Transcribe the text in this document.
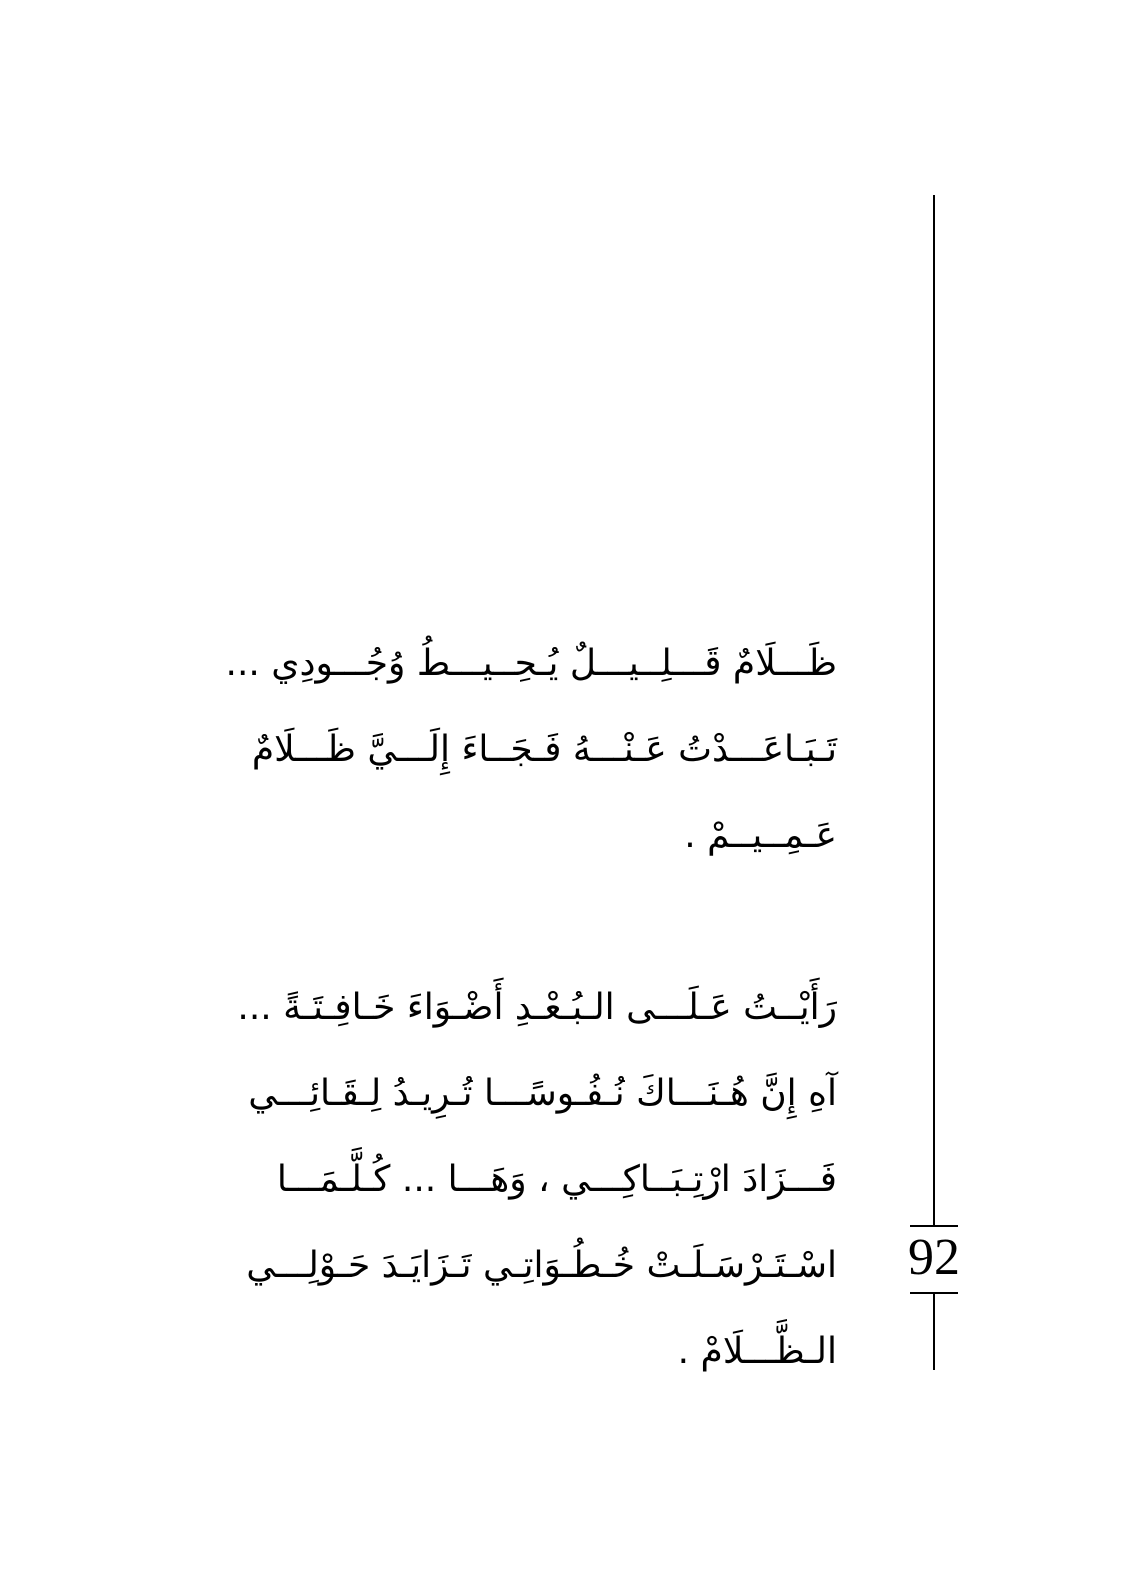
ظَـــلَامٌ قَـــلِــيـــلٌ يُـحِــيـــطُ وُجُـــودِي ...
تَـبَـاعَـــدْتُ عَـنْـــهُ فَـجَــاءَ إِلَـــيَّ ظَـــلَامٌ
عَـمِــيــمْ .
رَأَيْــتُ عَـلَـــى الـبُـعْـدِ أَضْـوَاءَ خَـافِـتَـةً ...
آهِ إِنَّ هُـنَـــاكَ نُـفُـوسًـــا تُـرِيـدُ لِـقَـائِـــي
فَـــزَادَ ارْتِـبَــاكِـــي ، وَهَـــا ... كُـلَّـمَـــا
اسْـتَـرْسَـلَـتْ خُـطُـوَاتِـي تَـزَايَـدَ حَـوْلِـــي
الـظَّـــلَامْ .
92
